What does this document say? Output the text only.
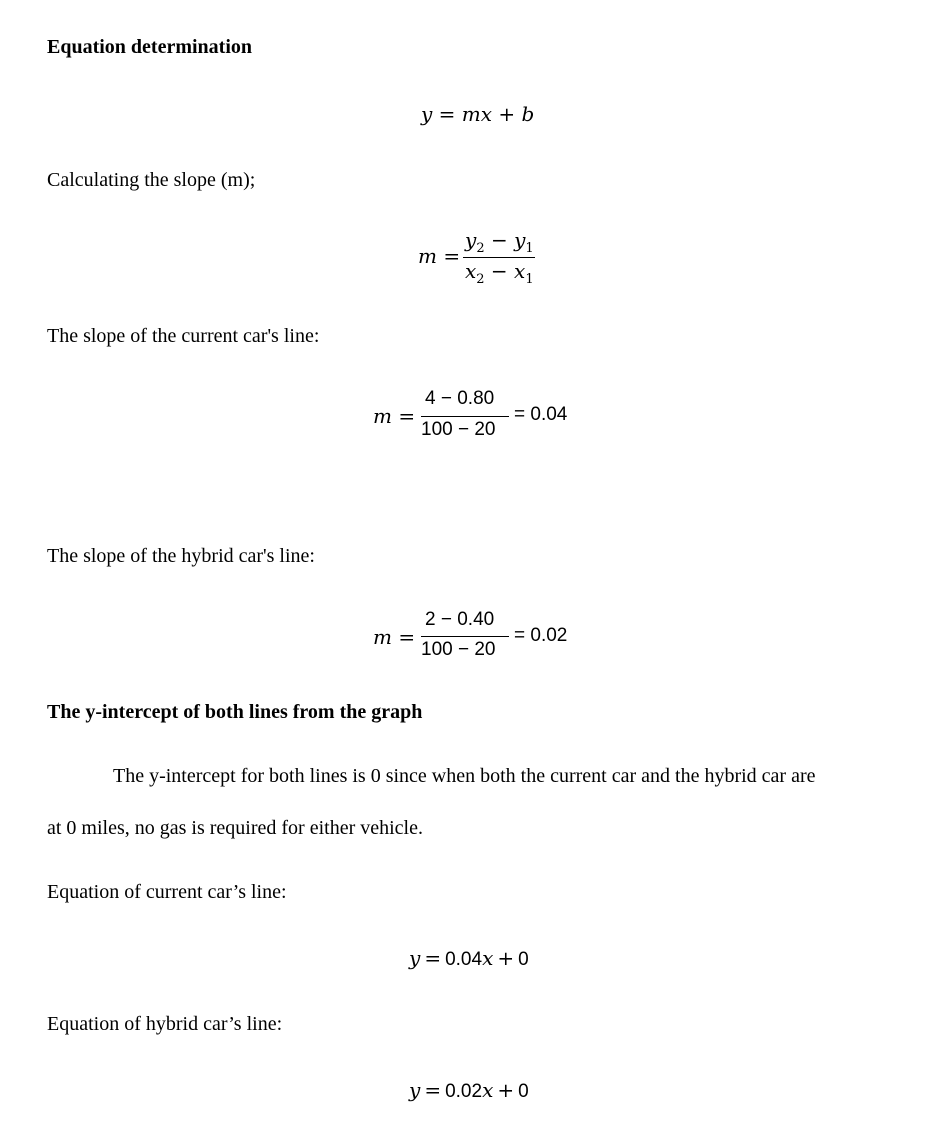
Equation determination
y = mx + b
Calculating the slope (m);
m =
$y_2 - y_1$
$x_2 - x_1$
The slope of the current car's line:
m =
4 − 0.80
100 − 20
= 0.04
The slope of the hybrid car's line:
m =
2 − 0.40
100 − 20
= 0.02
The y-intercept of both lines from the graph
The y-intercept for both lines is 0 since when both the current car and the hybrid car are
at 0 miles, no gas is required for either vehicle.
Equation of current car’s line:
y = 0.04x + 0
Equation of hybrid car’s line:
y = 0.02x + 0
